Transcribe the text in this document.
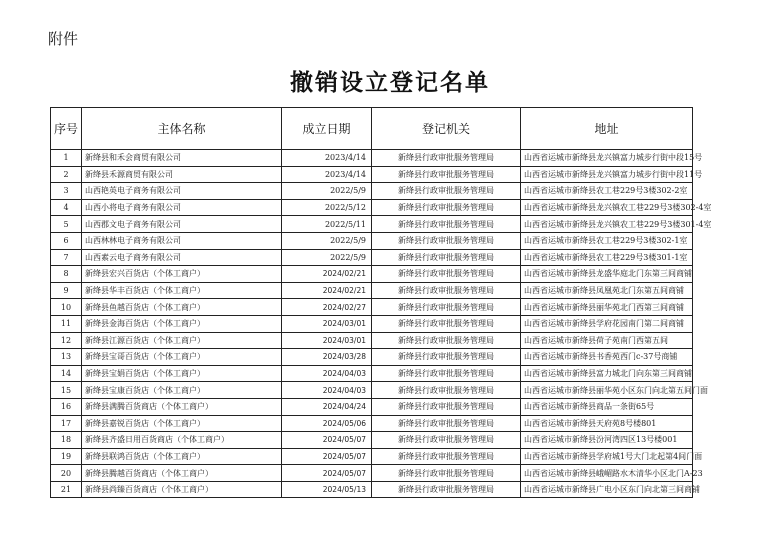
附件
撤销设立登记名单
序号	主体名称	成立日期	登记机关	地址
1	新绛县和禾会商贸有限公司	2023/4/14	新绛县行政审批服务管理局	山西省运城市新绛县龙兴镇富力城步行街中段15号
2	新绛县禾源商贸有限公司	2023/4/14	新绛县行政审批服务管理局	山西省运城市新绛县龙兴镇富力城步行街中段11号
3	山西艳英电子商务有限公司	2022/5/9	新绛县行政审批服务管理局	山西省运城市新绛县农工巷229号3楼302-2室
4	山西小将电子商务有限公司	2022/5/12	新绛县行政审批服务管理局	山西省运城市新绛县龙兴镇农工巷229号3楼302-4室
5	山西郡文电子商务有限公司	2022/5/11	新绛县行政审批服务管理局	山西省运城市新绛县龙兴镇农工巷229号3楼301-4室
6	山西林林电子商务有限公司	2022/5/9	新绛县行政审批服务管理局	山西省运城市新绛县农工巷229号3楼302-1室
7	山西素云电子商务有限公司	2022/5/9	新绛县行政审批服务管理局	山西省运城市新绛县农工巷229号3楼301-1室
8	新绛县宏兴百货店（个体工商户）	2024/02/21	新绛县行政审批服务管理局	山西省运城市新绛县龙盛华庭北门东第三间商铺
9	新绛县华丰百货店（个体工商户）	2024/02/21	新绛县行政审批服务管理局	山西省运城市新绛县凤凰苑北门东第五间商铺
10	新绛县鱼越百货店（个体工商户）	2024/02/27	新绛县行政审批服务管理局	山西省运城市新绛县丽华苑北门西第三间商铺
11	新绛县金海百货店（个体工商户）	2024/03/01	新绛县行政审批服务管理局	山西省运城市新绛县学府花园南门第二间商铺
12	新绛县江源百货店（个体工商户）	2024/03/01	新绛县行政审批服务管理局	山西省运城市新绛县荷子苑南门西第五间
13	新绛县宝哥百货店（个体工商户）	2024/03/28	新绛县行政审批服务管理局	山西省运城市新绛县书香苑西门c-37号商铺
14	新绛县宝娟百货店（个体工商户）	2024/04/03	新绛县行政审批服务管理局	山西省运城市新绛县富力城北门向东第三间商铺
15	新绛县宝康百货店（个体工商户）	2024/04/03	新绛县行政审批服务管理局	山西省运城市新绛县丽华苑小区东门向北第五间门面
16	新绛县满腾百货商店（个体工商户）	2024/04/24	新绛县行政审批服务管理局	山西省运城市新绛县商品一条街65号
17	新绛县嘉锐百货店（个体工商户）	2024/05/06	新绛县行政审批服务管理局	山西省运城市新绛县天府苑8号楼801
18	新绛县齐盛日用百货商店（个体工商户）	2024/05/07	新绛县行政审批服务管理局	山西省运城市新绛县汾河湾四区13号楼001
19	新绛县联鸿百货店（个体工商户）	2024/05/07	新绛县行政审批服务管理局	山西省运城市新绛县学府城1号大门北起第4间门面
20	新绛县腾越百货商店（个体工商户）	2024/05/07	新绛县行政审批服务管理局	山西省运城市新绛县峨嵋路水木清华小区北门A-23
21	新绛县尚臻百货商店（个体工商户）	2024/05/13	新绛县行政审批服务管理局	山西省运城市新绛县广电小区东门向北第三间商铺
